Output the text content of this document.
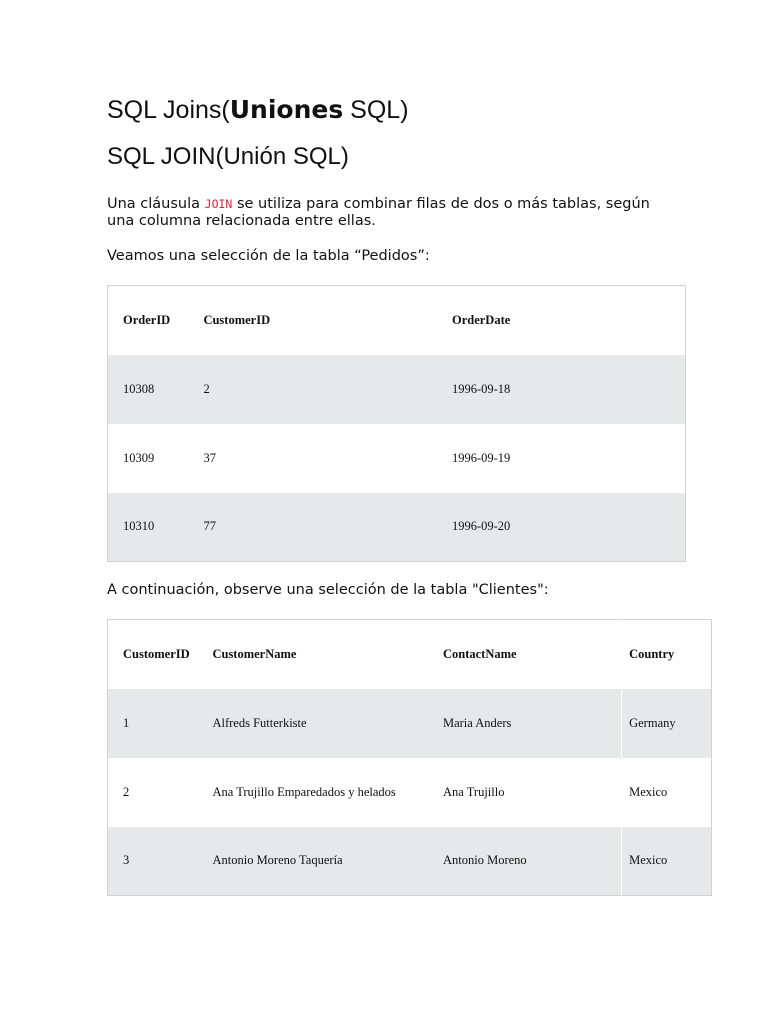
SQL Joins(Uniones SQL)
SQL JOIN(Unión SQL)

Una cláusula JOIN se utiliza para combinar filas de dos o más tablas, según una columna relacionada entre ellas.

Veamos una selección de la tabla “Pedidos”:

OrderID	CustomerID	OrderDate
10308	2	1996-09-18
10309	37	1996-09-19
10310	77	1996-09-20

A continuación, observe una selección de la tabla "Clientes":

CustomerID	CustomerName	ContactName	Country
1	Alfreds Futterkiste	Maria Anders	Germany
2	Ana Trujillo Emparedados y helados	Ana Trujillo	Mexico
3	Antonio Moreno Taquería	Antonio Moreno	Mexico
